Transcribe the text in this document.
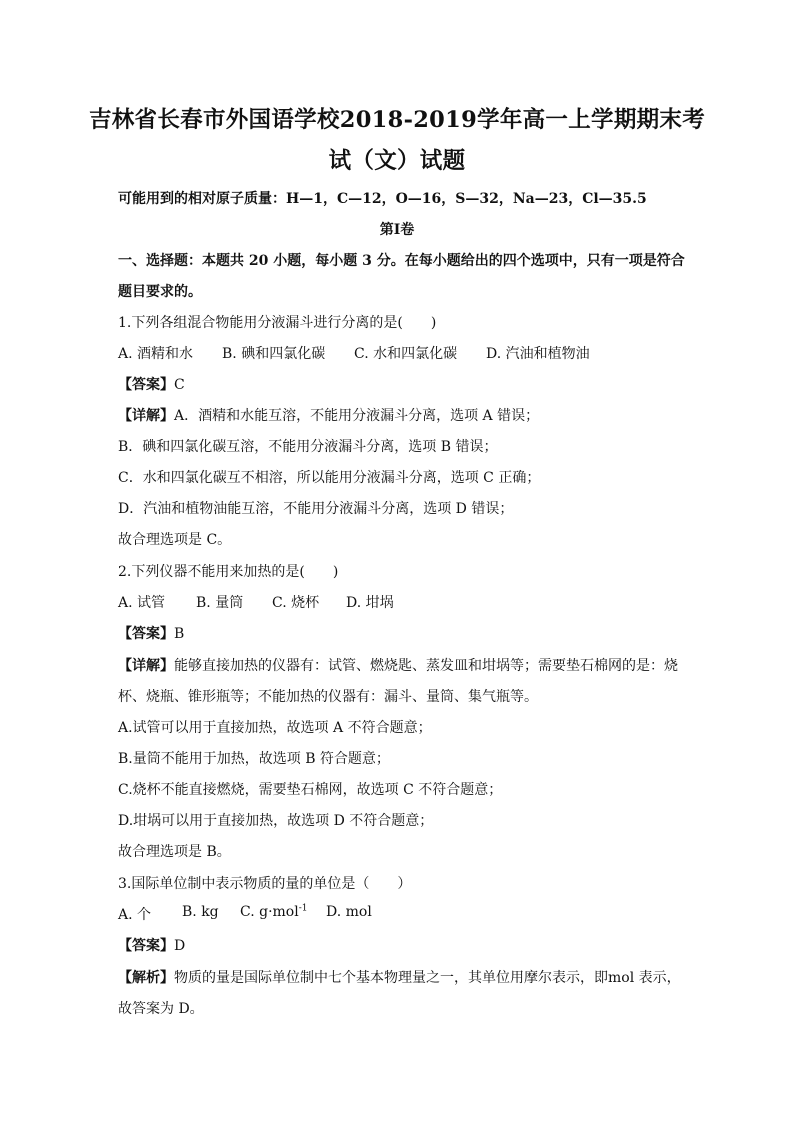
吉林省长春市外国语学校2018-2019学年高一上学期期末考
试（文）试题

可能用到的相对原子质量：H—1，C—12，O—16，S—32，Na—23，Cl—35.5

第Ⅰ卷

一、选择题：本题共 20 小题，每小题 3 分。在每小题给出的四个选项中，只有一项是符合

题目要求的。

1.下列各组混合物能用分液漏斗进行分离的是(　　)

A. 酒精和水 B. 碘和四氯化碳 C. 水和四氯化碳 D. 汽油和植物油

【答案】C

【详解】A．酒精和水能互溶，不能用分液漏斗分离，选项 A 错误；

B．碘和四氯化碳互溶，不能用分液漏斗分离，选项 B 错误；

C．水和四氯化碳互不相溶，所以能用分液漏斗分离，选项 C 正确；

D．汽油和植物油能互溶，不能用分液漏斗分离，选项 D 错误；

故合理选项是 C。

2.下列仪器不能用来加热的是(　　)

A. 试管 B. 量筒 C. 烧杯 D. 坩埚

【答案】B

【详解】能够直接加热的仪器有：试管、燃烧匙、蒸发皿和坩埚等；需要垫石棉网的是：烧

杯、烧瓶、锥形瓶等；不能加热的仪器有：漏斗、量筒、集气瓶等。

A.试管可以用于直接加热，故选项 A 不符合题意；

B.量筒不能用于加热，故选项 B 符合题意；

C.烧杯不能直接燃烧，需要垫石棉网，故选项 C 不符合题意；

D.坩埚可以用于直接加热，故选项 D 不符合题意；

故合理选项是 B。

3.国际单位制中表示物质的量的单位是（　　）

A. 个 B. kg C. g·mol$^{-1}$ D. mol

【答案】D

【解析】物质的量是国际单位制中七个基本物理量之一，其单位用摩尔表示，即mol 表示，

故答案为 D。
